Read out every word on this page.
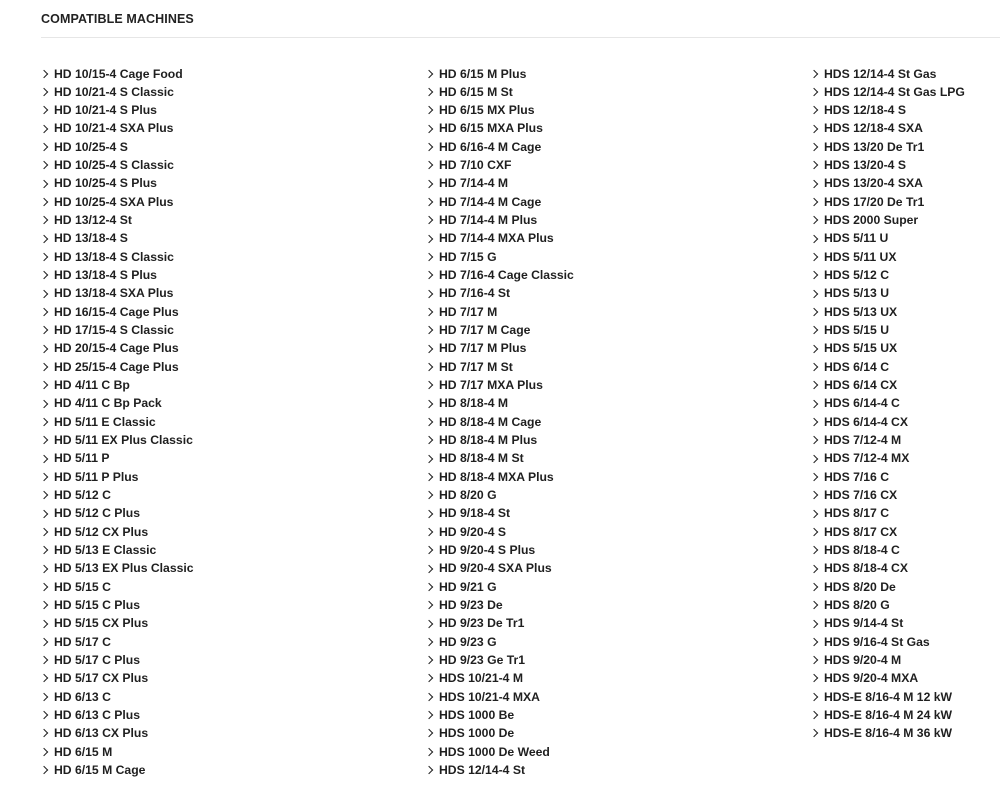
COMPATIBLE MACHINES
HD 10/15-4 Cage Food
HD 10/21-4 S Classic
HD 10/21-4 S Plus
HD 10/21-4 SXA Plus
HD 10/25-4 S
HD 10/25-4 S Classic
HD 10/25-4 S Plus
HD 10/25-4 SXA Plus
HD 13/12-4 St
HD 13/18-4 S
HD 13/18-4 S Classic
HD 13/18-4 S Plus
HD 13/18-4 SXA Plus
HD 16/15-4 Cage Plus
HD 17/15-4 S Classic
HD 20/15-4 Cage Plus
HD 25/15-4 Cage Plus
HD 4/11 C Bp
HD 4/11 C Bp Pack
HD 5/11 E Classic
HD 5/11 EX Plus Classic
HD 5/11 P
HD 5/11 P Plus
HD 5/12 C
HD 5/12 C Plus
HD 5/12 CX Plus
HD 5/13 E Classic
HD 5/13 EX Plus Classic
HD 5/15 C
HD 5/15 C Plus
HD 5/15 CX Plus
HD 5/17 C
HD 5/17 C Plus
HD 5/17 CX Plus
HD 6/13 C
HD 6/13 C Plus
HD 6/13 CX Plus
HD 6/15 M
HD 6/15 M Cage
HD 6/15 M Plus
HD 6/15 M St
HD 6/15 MX Plus
HD 6/15 MXA Plus
HD 6/16-4 M Cage
HD 7/10 CXF
HD 7/14-4 M
HD 7/14-4 M Cage
HD 7/14-4 M Plus
HD 7/14-4 MXA Plus
HD 7/15 G
HD 7/16-4 Cage Classic
HD 7/16-4 St
HD 7/17 M
HD 7/17 M Cage
HD 7/17 M Plus
HD 7/17 M St
HD 7/17 MXA Plus
HD 8/18-4 M
HD 8/18-4 M Cage
HD 8/18-4 M Plus
HD 8/18-4 M St
HD 8/18-4 MXA Plus
HD 8/20 G
HD 9/18-4 St
HD 9/20-4 S
HD 9/20-4 S Plus
HD 9/20-4 SXA Plus
HD 9/21 G
HD 9/23 De
HD 9/23 De Tr1
HD 9/23 G
HD 9/23 Ge Tr1
HDS 10/21-4 M
HDS 10/21-4 MXA
HDS 1000 Be
HDS 1000 De
HDS 1000 De Weed
HDS 12/14-4 St
HDS 12/14-4 St Gas
HDS 12/14-4 St Gas LPG
HDS 12/18-4 S
HDS 12/18-4 SXA
HDS 13/20 De Tr1
HDS 13/20-4 S
HDS 13/20-4 SXA
HDS 17/20 De Tr1
HDS 2000 Super
HDS 5/11 U
HDS 5/11 UX
HDS 5/12 C
HDS 5/13 U
HDS 5/13 UX
HDS 5/15 U
HDS 5/15 UX
HDS 6/14 C
HDS 6/14 CX
HDS 6/14-4 C
HDS 6/14-4 CX
HDS 7/12-4 M
HDS 7/12-4 MX
HDS 7/16 C
HDS 7/16 CX
HDS 8/17 C
HDS 8/17 CX
HDS 8/18-4 C
HDS 8/18-4 CX
HDS 8/20 De
HDS 8/20 G
HDS 9/14-4 St
HDS 9/16-4 St Gas
HDS 9/20-4 M
HDS 9/20-4 MXA
HDS-E 8/16-4 M 12 kW
HDS-E 8/16-4 M 24 kW
HDS-E 8/16-4 M 36 kW
